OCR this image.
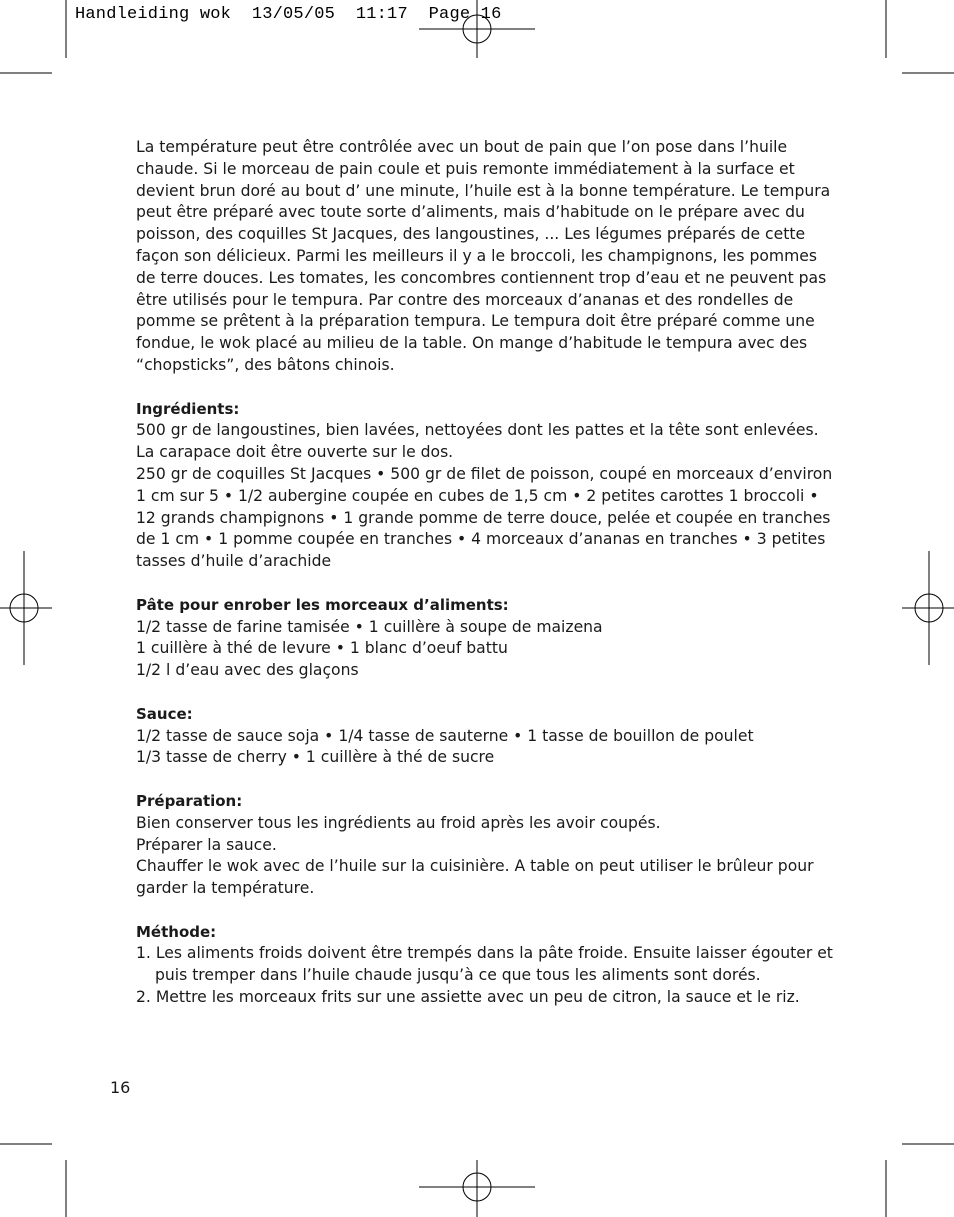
Handleiding wok  13/05/05  11:17  Page 16

La température peut être contrôlée avec un bout de pain que l’on pose dans l’huile chaude. Si le morceau de pain coule et puis remonte immédiatement à la surface et devient brun doré au bout d’ une minute, l’huile est à la bonne température. Le tempura peut être préparé avec toute sorte d’aliments, mais d’habitude on le prépare avec du poisson, des coquilles St Jacques, des langoustines, ... Les légumes préparés de cette façon son délicieux. Parmi les meilleurs il y a le broccoli, les champignons, les pommes de terre douces. Les tomates, les concombres contiennent trop d’eau et ne peuvent pas être utilisés pour le tempura. Par contre des morceaux d’ananas et des rondelles de pomme se prêtent à la préparation tempura. Le tempura doit être préparé comme une fondue, le wok placé au milieu de la table. On mange d’habitude le tempura avec des “chopsticks”, des bâtons chinois.

Ingrédients:

500 gr de langoustines, bien lavées, nettoyées dont les pattes et la tête sont enlevées.

La carapace doit être ouverte sur le dos.

250 gr de coquilles St Jacques • 500 gr de filet de poisson, coupé en morceaux d’environ 1 cm sur 5 • 1/2 aubergine coupée en cubes de 1,5 cm • 2 petites carottes 1 broccoli • 12 grands champignons • 1 grande pomme de terre douce, pelée et coupée en tranches de 1 cm • 1 pomme coupée en tranches • 4 morceaux d’ananas en tranches • 3 petites tasses d’huile d’arachide

Pâte pour enrober les morceaux d’aliments:

1/2 tasse de farine tamisée • 1 cuillère à soupe de maizena

1 cuillère à thé de levure • 1 blanc d’oeuf battu

1/2 l d’eau avec des glaçons

Sauce:

1/2 tasse de sauce soja • 1/4 tasse de sauterne • 1 tasse de bouillon de poulet

1/3 tasse de cherry • 1 cuillère à thé de sucre

Préparation:

Bien conserver tous les ingrédients au froid après les avoir coupés.

Préparer la sauce.

Chauffer le wok avec de l’huile sur la cuisinière. A table on peut utiliser le brûleur pour garder la température.

Méthode:

1. Les aliments froids doivent être trempés dans la pâte froide. Ensuite laisser égouter et puis tremper dans l’huile chaude jusqu’à ce que tous les aliments sont dorés.

2. Mettre les morceaux frits sur une assiette avec un peu de citron, la sauce et le riz.

16
